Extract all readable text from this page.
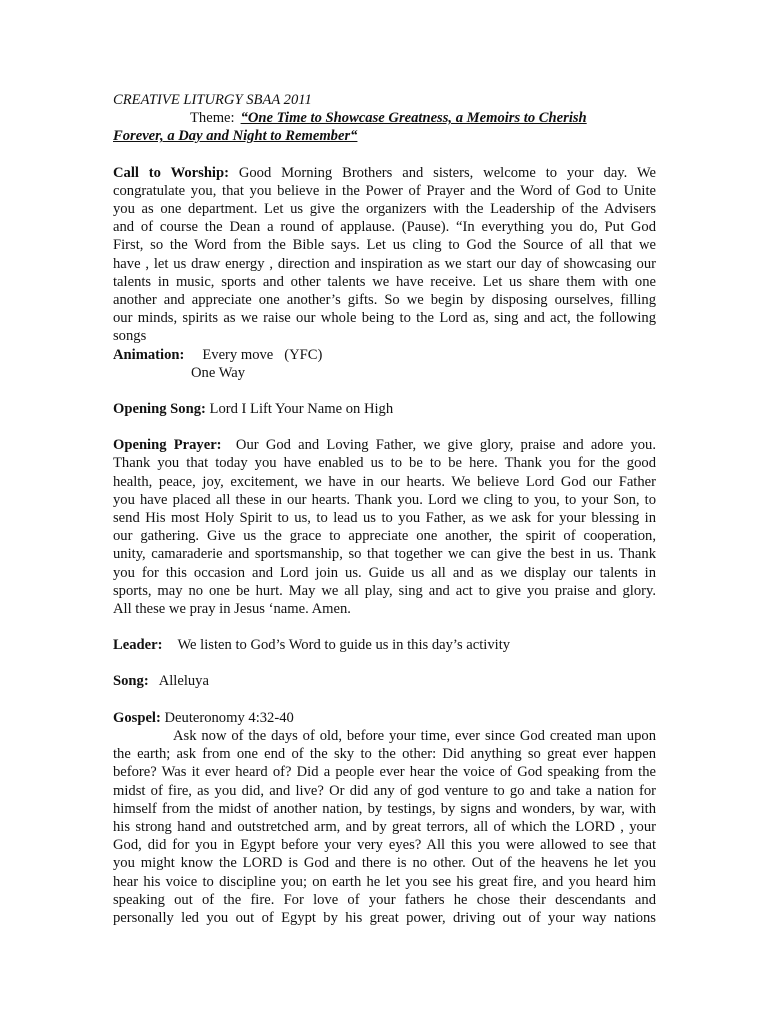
CREATIVE LITURGY SBAA 2011
Theme: “One Time to Showcase Greatness, a Memoirs to Cherish
Forever, a Day and Night to Remember“
Call to Worship: Good Morning Brothers and sisters, welcome to your day. We
congratulate you, that you believe in the Power of Prayer and the Word of God to Unite
you as one department. Let us give the organizers with the Leadership of the Advisers
and of course the Dean a round of applause. (Pause). “In everything you do, Put God
First, so the Word from the Bible says. Let us cling to God the Source of all that we
have , let us draw energy , direction and inspiration as we start our day of showcasing our
talents in music, sports and other talents we have receive. Let us share them with one
another and appreciate one another’s gifts. So we begin by disposing ourselves, filling
our minds, spirits as we raise our whole being to the Lord as, sing and act, the following
songs
Animation: Every move   (YFC)
One Way
Opening Song: Lord I Lift Your Name on High
Opening Prayer: Our God and Loving Father, we give glory, praise and adore you.
Thank you that today you have enabled us to be to be here. Thank you for the good
health, peace, joy, excitement, we have in our hearts. We believe Lord God our Father
you have placed all these in our hearts. Thank you. Lord we cling to you, to your Son, to
send His most Holy Spirit to us, to lead us to you Father, as we ask for your blessing in
our gathering. Give us the grace to appreciate one another, the spirit of cooperation,
unity, camaraderie and sportsmanship, so that together we can give the best in us. Thank
you for this occasion and Lord join us. Guide us all and as we display our talents in
sports, may no one be hurt. May we all play, sing and act to give you praise and glory.
All these we pray in Jesus ‘name. Amen.
Leader: We listen to God’s Word to guide us in this day’s activity
Song: Alleluya
Gospel: Deuteronomy 4:32-40
Ask now of the days of old, before your time, ever since God created man upon
the earth; ask from one end of the sky to the other: Did anything so great ever happen
before? Was it ever heard of? Did a people ever hear the voice of God speaking from the
midst of fire, as you did, and live? Or did any of god venture to go and take a nation for
himself from the midst of another nation, by testings, by signs and wonders, by war, with
his strong hand and outstretched arm, and by great terrors, all of which the LORD , your
God, did for you in Egypt before your very eyes? All this you were allowed to see that
you might know the LORD is God and there is no other. Out of the heavens he let you
hear his voice to discipline you; on earth he let you see his great fire, and you heard him
speaking out of the fire. For love of your fathers he chose their descendants and
personally led you out of Egypt by his great power, driving out of your way nations
